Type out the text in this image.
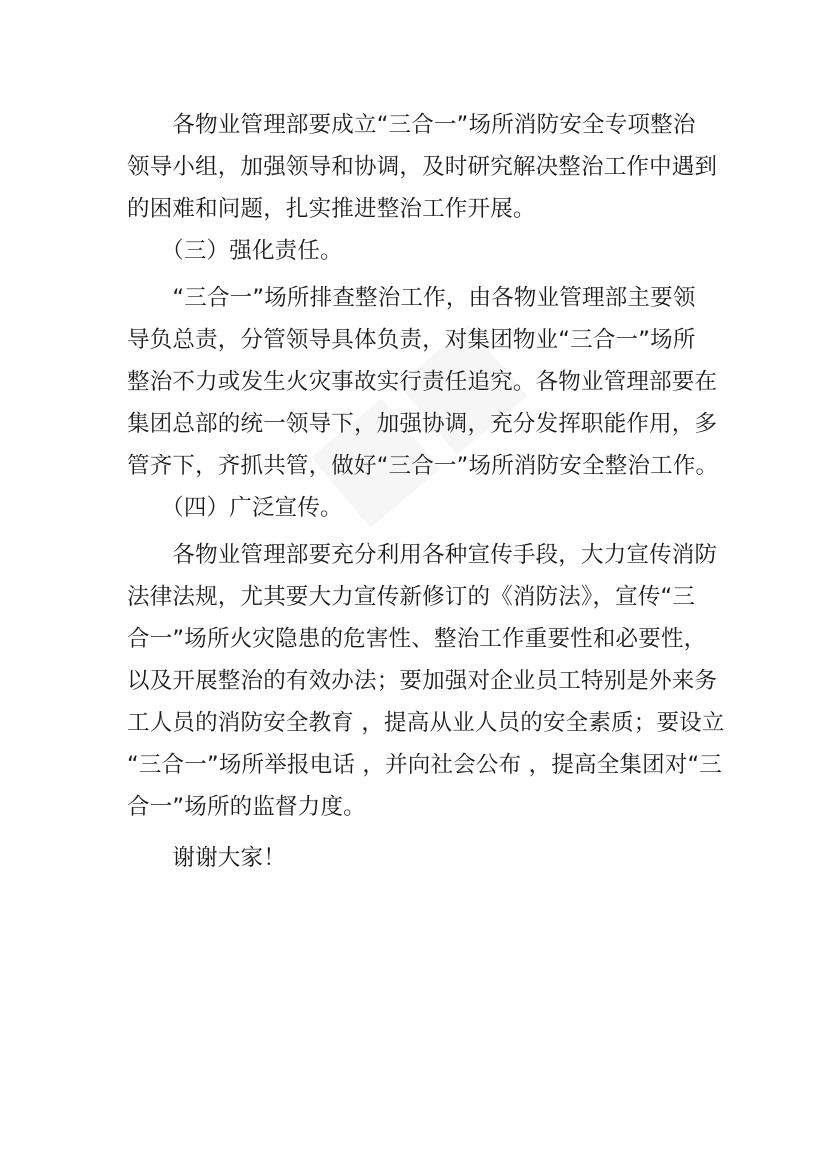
　　各物业管理部要成立“三合一”场所消防安全专项整治
领导小组，加强领导和协调，及时研究解决整治工作中遇到
的困难和问题，扎实推进整治工作开展。
　　（三）强化责任。
　　“三合一”场所排查整治工作，由各物业管理部主要领
导负总责，分管领导具体负责，对集团物业“三合一”场所
整治不力或发生火灾事故实行责任追究。各物业管理部要在
集团总部的统一领导下，加强协调，充分发挥职能作用，多
管齐下，齐抓共管，做好“三合一”场所消防安全整治工作。
　　（四）广泛宣传。
　　各物业管理部要充分利用各种宣传手段，大力宣传消防
法律法规，尤其要大力宣传新修订的《消防法》，宣传“三
合一”场所火灾隐患的危害性、整治工作重要性和必要性，
以及开展整治的有效办法；要加强对企业员工特别是外来务
工人员的消防安全教育 ，提高从业人员的安全素质；要设立
“三合一”场所举报电话 ，并向社会公布 ，提高全集团对“三
合一”场所的监督力度。
　　谢谢大家！
